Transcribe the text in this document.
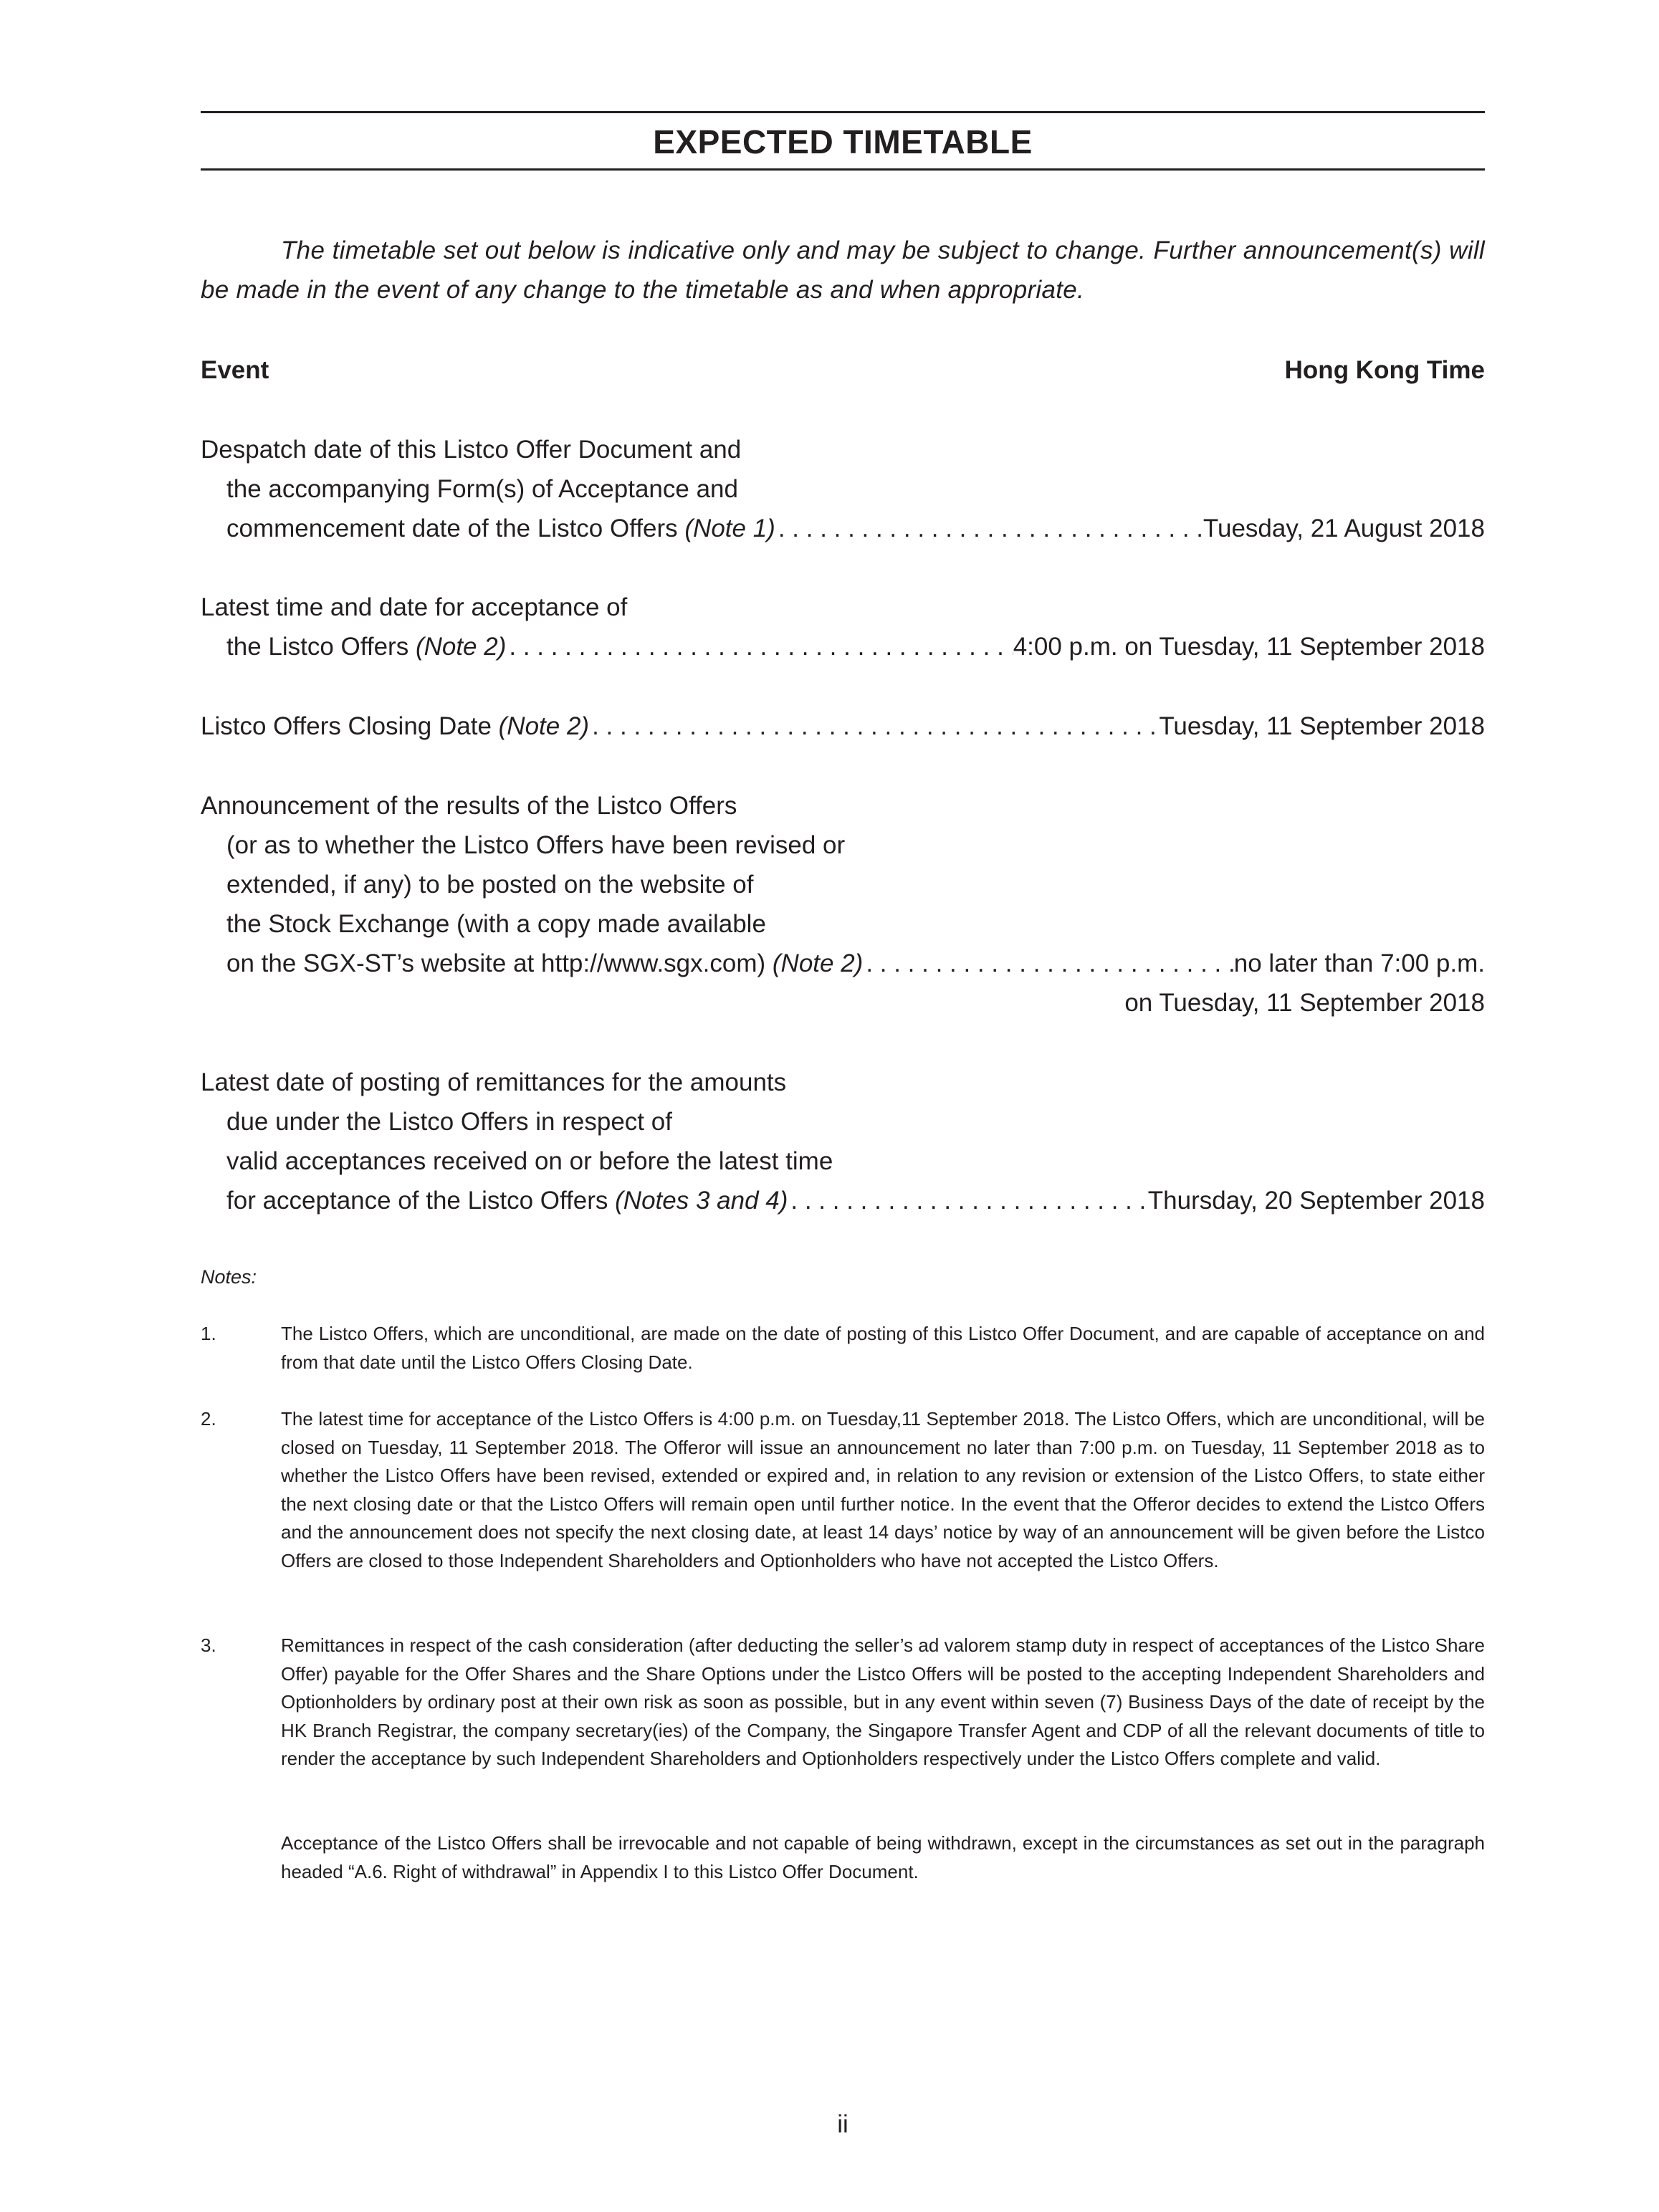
EXPECTED TIMETABLE
The timetable set out below is indicative only and may be subject to change. Further announcement(s) will be made in the event of any change to the timetable as and when appropriate.
Event	Hong Kong Time
Despatch date of this Listco Offer Document and
the accompanying Form(s) of Acceptance and
commencement date of the Listco Offers (Note 1) . . .	Tuesday, 21 August 2018
Latest time and date for acceptance of
the Listco Offers (Note 2) . . .	4:00 p.m. on Tuesday, 11 September 2018
Listco Offers Closing Date (Note 2) . . .	Tuesday, 11 September 2018
Announcement of the results of the Listco Offers
(or as to whether the Listco Offers have been revised or
extended, if any) to be posted on the website of
the Stock Exchange (with a copy made available
on the SGX-ST’s website at http://www.sgx.com) (Note 2) . . .	no later than 7:00 p.m.
on Tuesday, 11 September 2018
Latest date of posting of remittances for the amounts
due under the Listco Offers in respect of
valid acceptances received on or before the latest time
for acceptance of the Listco Offers (Notes 3 and 4) . . .	Thursday, 20 September 2018
Notes:
1.	The Listco Offers, which are unconditional, are made on the date of posting of this Listco Offer Document, and are capable of acceptance on and from that date until the Listco Offers Closing Date.
2.	The latest time for acceptance of the Listco Offers is 4:00 p.m. on Tuesday,11 September 2018. The Listco Offers, which are unconditional, will be closed on Tuesday, 11 September 2018. The Offeror will issue an announcement no later than 7:00 p.m. on Tuesday, 11 September 2018 as to whether the Listco Offers have been revised, extended or expired and, in relation to any revision or extension of the Listco Offers, to state either the next closing date or that the Listco Offers will remain open until further notice. In the event that the Offeror decides to extend the Listco Offers and the announcement does not specify the next closing date, at least 14 days’ notice by way of an announcement will be given before the Listco Offers are closed to those Independent Shareholders and Optionholders who have not accepted the Listco Offers.
3.	Remittances in respect of the cash consideration (after deducting the seller’s ad valorem stamp duty in respect of acceptances of the Listco Share Offer) payable for the Offer Shares and the Share Options under the Listco Offers will be posted to the accepting Independent Shareholders and Optionholders by ordinary post at their own risk as soon as possible, but in any event within seven (7) Business Days of the date of receipt by the HK Branch Registrar, the company secretary(ies) of the Company, the Singapore Transfer Agent and CDP of all the relevant documents of title to render the acceptance by such Independent Shareholders and Optionholders respectively under the Listco Offers complete and valid.
Acceptance of the Listco Offers shall be irrevocable and not capable of being withdrawn, except in the circumstances as set out in the paragraph headed “A.6. Right of withdrawal” in Appendix I to this Listco Offer Document.
ii
